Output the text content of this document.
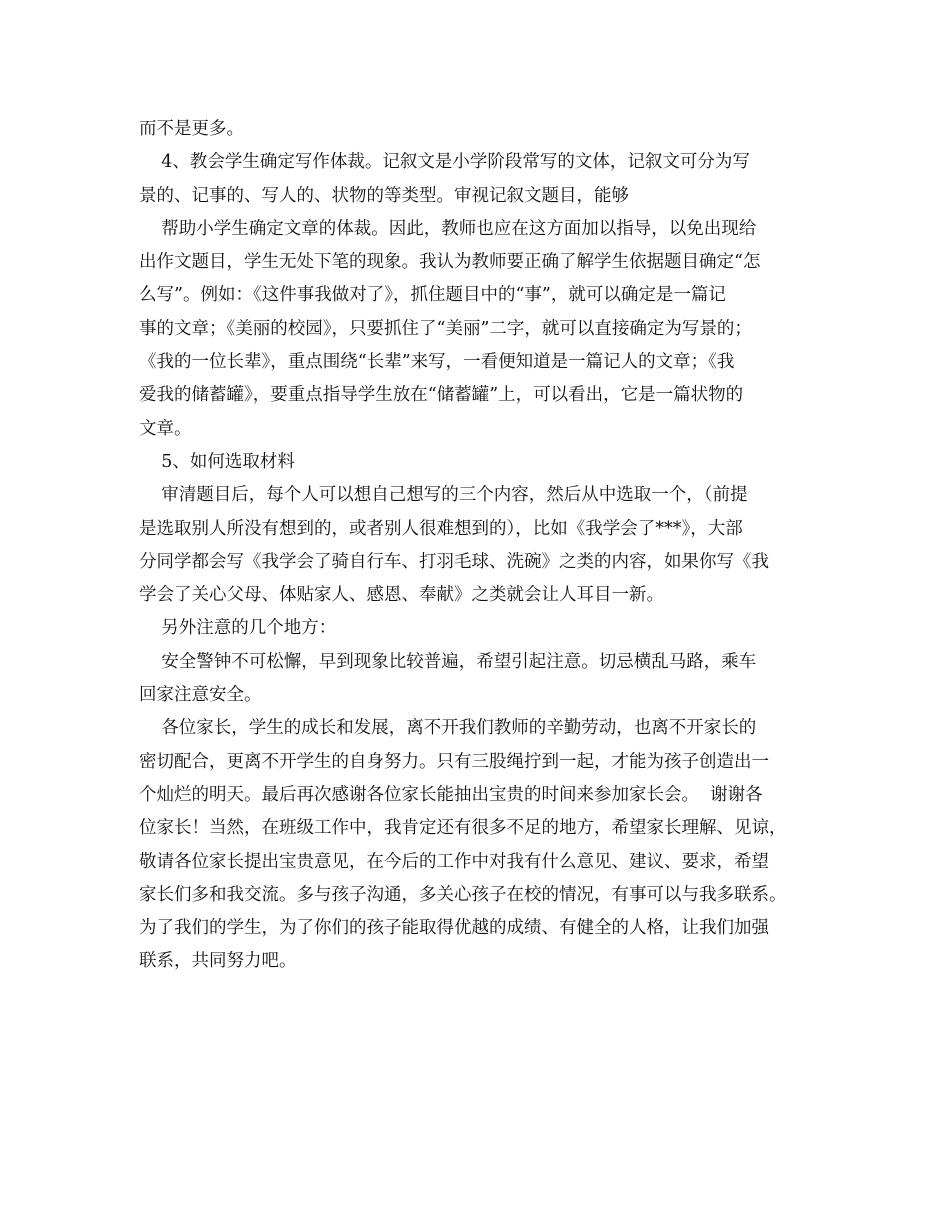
而不是更多。
4、教会学生确定写作体裁。记叙文是小学阶段常写的文体，记叙文可分为写
景的、记事的、写人的、状物的等类型。审视记叙文题目，能够
帮助小学生确定文章的体裁。因此，教师也应在这方面加以指导，以免出现给
出作文题目，学生无处下笔的现象。我认为教师要正确了解学生依据题目确定“怎
么写”。例如：《这件事我做对了》，抓住题目中的“事”，就可以确定是一篇记
事的文章；《美丽的校园》，只要抓住了“美丽”二字，就可以直接确定为写景的；
《我的一位长辈》，重点围绕“长辈”来写，一看便知道是一篇记人的文章；《我
爱我的储蓄罐》，要重点指导学生放在“储蓄罐”上，可以看出，它是一篇状物的
文章。
5、如何选取材料
审清题目后，每个人可以想自己想写的三个内容，然后从中选取一个，（前提
是选取别人所没有想到的，或者别人很难想到的），比如《我学会了***》，大部
分同学都会写《我学会了骑自行车、打羽毛球、洗碗》之类的内容，如果你写《我
学会了关心父母、体贴家人、感恩、奉献》之类就会让人耳目一新。
另外注意的几个地方：
安全警钟不可松懈，早到现象比较普遍，希望引起注意。切忌横乱马路，乘车
回家注意安全。
各位家长，学生的成长和发展，离不开我们教师的辛勤劳动，也离不开家长的
密切配合，更离不开学生的自身努力。只有三股绳拧到一起，才能为孩子创造出一
个灿烂的明天。最后再次感谢各位家长能抽出宝贵的时间来参加家长会。  谢谢各
位家长！当然，在班级工作中，我肯定还有很多不足的地方，希望家长理解、见谅，
敬请各位家长提出宝贵意见，在今后的工作中对我有什么意见、建议、要求，希望
家长们多和我交流。多与孩子沟通，多关心孩子在校的情况，有事可以与我多联系。
为了我们的学生，为了你们的孩子能取得优越的成绩、有健全的人格，让我们加强
联系，共同努力吧。
